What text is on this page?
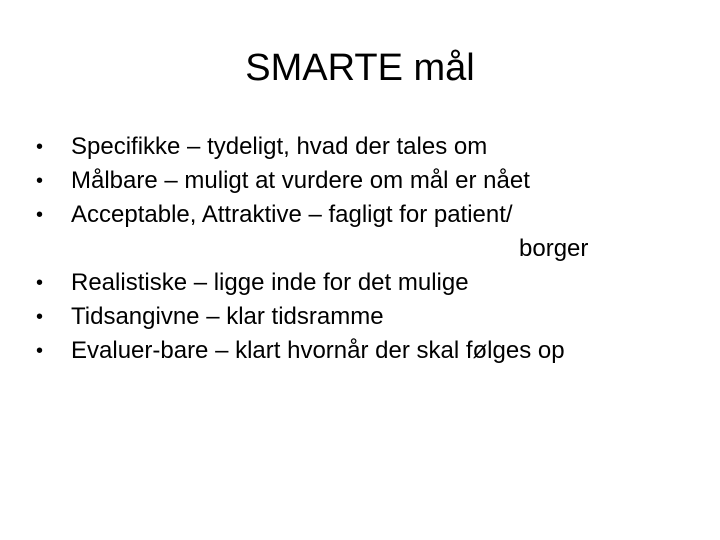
SMARTE mål
•	Specifikke – tydeligt, hvad der tales om
•	Målbare – muligt at vurdere om mål er nået
•	Acceptable, Attraktive – fagligt for patient/
borger
•	Realistiske – ligge inde for det mulige
•	Tidsangivne – klar tidsramme
•	Evaluer-bare – klart hvornår der skal følges op
